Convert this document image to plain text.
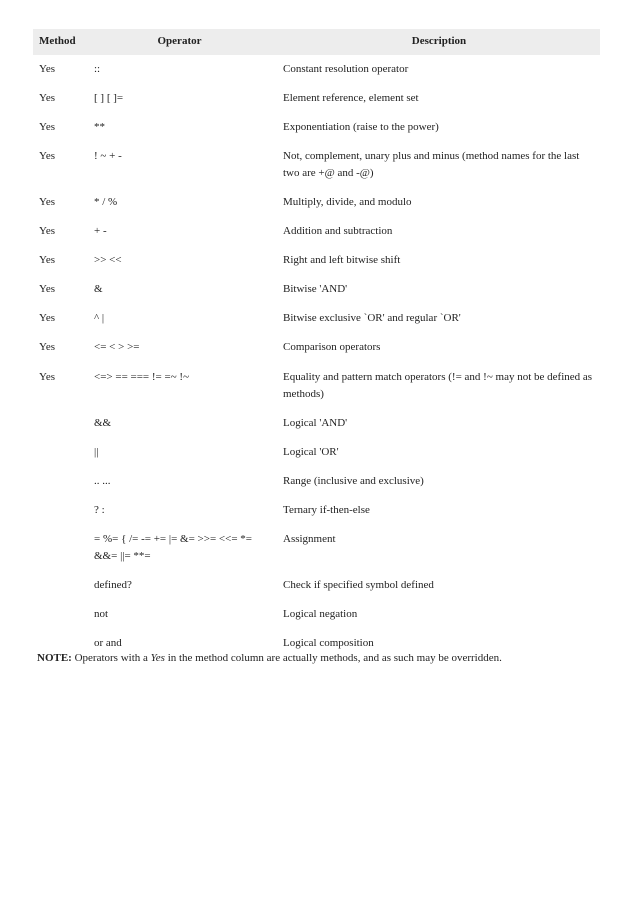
Method	Operator	Description
Yes	::	Constant resolution operator
Yes	[ ] [ ]=	Element reference, element set
Yes	**	Exponentiation (raise to the power)
Yes	! ~ + -	Not, complement, unary plus and minus (method names for the last two are +@ and -@)
Yes	* / %	Multiply, divide, and modulo
Yes	+ -	Addition and subtraction
Yes	>> <<	Right and left bitwise shift
Yes	&	Bitwise 'AND'
Yes	^ |	Bitwise exclusive `OR' and regular `OR'
Yes	<= < > >=	Comparison operators
Yes	<=> == === != =~ !~	Equality and pattern match operators (!= and !~ may not be defined as methods)
	&&	Logical 'AND'
	||	Logical 'OR'
	.. ...	Range (inclusive and exclusive)
	? :	Ternary if-then-else
	= %= { /= -= += |= &= >>= <<= *= &&= ||= **=	Assignment
	defined?	Check if specified symbol defined
	not	Logical negation
	or and	Logical composition

NOTE: Operators with a Yes in the method column are actually methods, and as such may be overridden.
